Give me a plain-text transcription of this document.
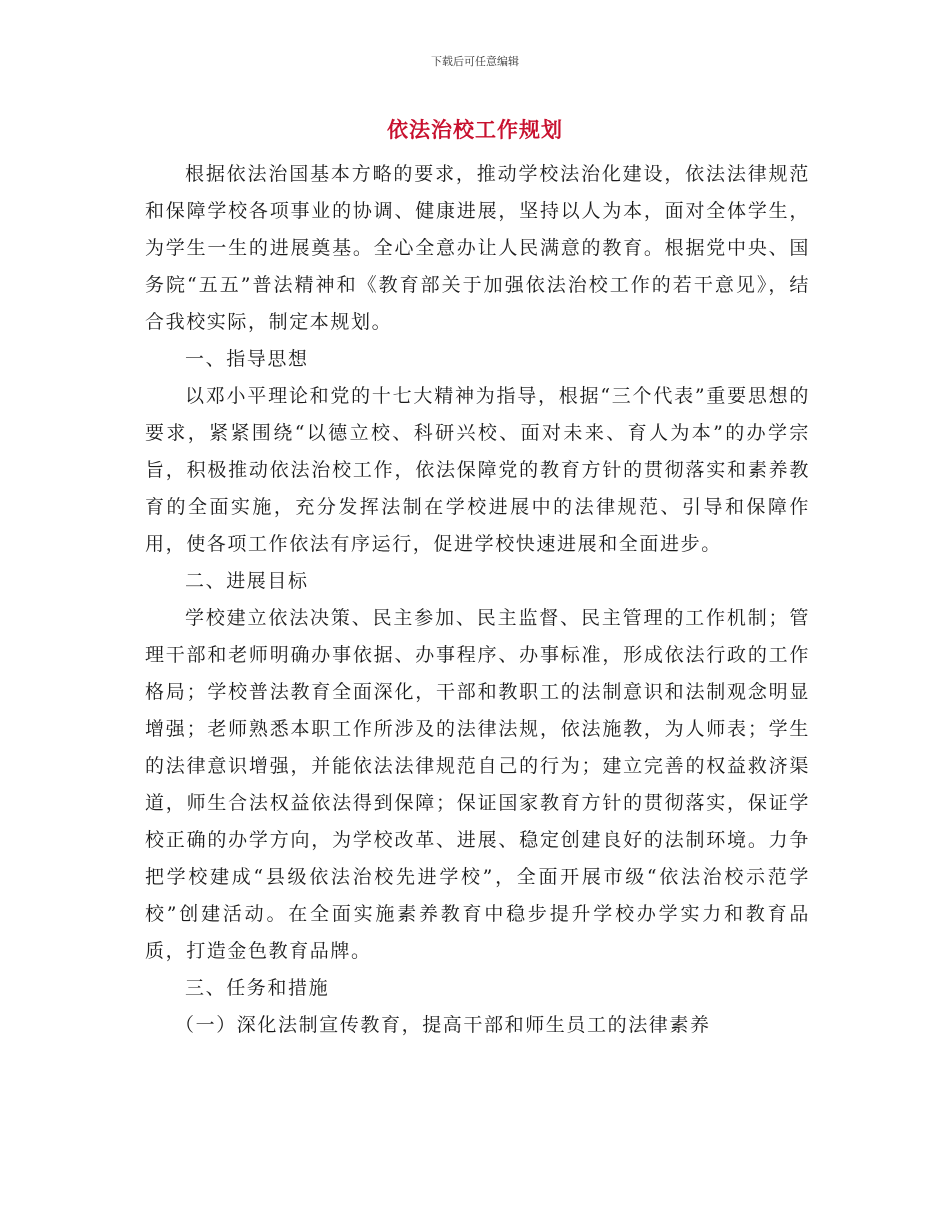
下载后可任意编辑
依法治校工作规划

根据依法治国基本方略的要求，推动学校法治化建设，依法法律规范和保障学校各项事业的协调、健康进展，坚持以人为本，面对全体学生，为学生一生的进展奠基。全心全意办让人民满意的教育。根据党中央、国务院“五五”普法精神和《教育部关于加强依法治校工作的若干意见》，结合我校实际，制定本规划。

一、指导思想

以邓小平理论和党的十七大精神为指导，根据“三个代表”重要思想的要求，紧紧围绕“以德立校、科研兴校、面对未来、育人为本”的办学宗旨，积极推动依法治校工作，依法保障党的教育方针的贯彻落实和素养教育的全面实施，充分发挥法制在学校进展中的法律规范、引导和保障作用，使各项工作依法有序运行，促进学校快速进展和全面进步。

二、进展目标

学校建立依法决策、民主参加、民主监督、民主管理的工作机制；管理干部和老师明确办事依据、办事程序、办事标准，形成依法行政的工作格局；学校普法教育全面深化，干部和教职工的法制意识和法制观念明显增强；老师熟悉本职工作所涉及的法律法规，依法施教，为人师表；学生的法律意识增强，并能依法法律规范自己的行为；建立完善的权益救济渠道，师生合法权益依法得到保障；保证国家教育方针的贯彻落实，保证学校正确的办学方向，为学校改革、进展、稳定创建良好的法制环境。力争把学校建成“县级依法治校先进学校”，全面开展市级“依法治校示范学校”创建活动。在全面实施素养教育中稳步提升学校办学实力和教育品质，打造金色教育品牌。

三、任务和措施

（一）深化法制宣传教育，提高干部和师生员工的法律素养
